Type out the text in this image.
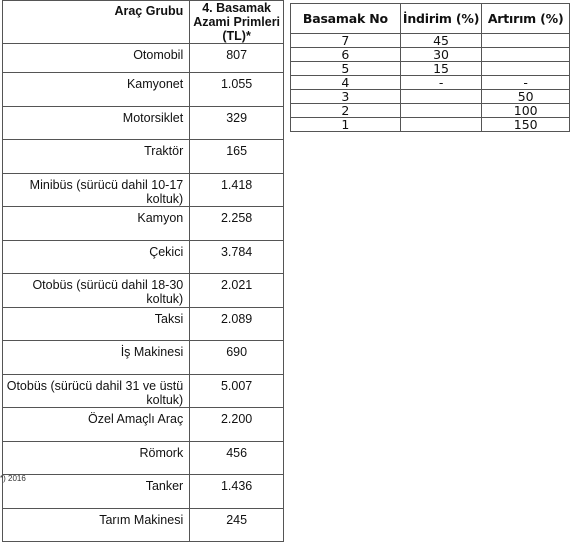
Araç Grubu	4. Basamak
Azami Primleri (TL)*
Otomobil	807
Kamyonet	1.055
Motorsiklet	329
Traktör	165
Minibüs (sürücü dahil 10-17 koltuk)	1.418
Kamyon	2.258
Çekici	3.784
Otobüs (sürücü dahil 18-30 koltuk)	2.021
Taksi	2.089
İş Makinesi	690
Otobüs (sürücü dahil 31 ve üstü koltuk)	5.007
Özel Amaçlı Araç	2.200
Römork	456
Tanker	1.436
Tarım Makinesi	245
Basamak No	İndirim (%)	Artırım (%)
7	45	
6	30	
5	15	
4	-	-
3		50
2		100
1		150
*) 2016
